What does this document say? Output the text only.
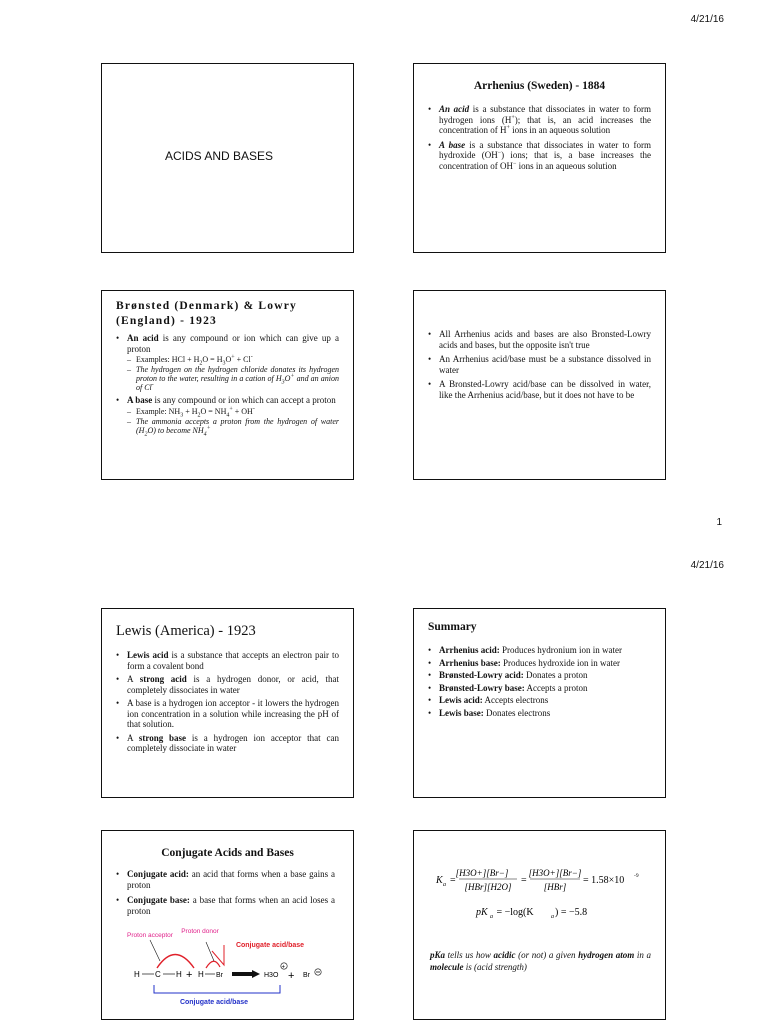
4/21/16
ACIDS AND BASES
Arrhenius (Sweden) - 1884
• An acid is a substance that dissociates in water to form hydrogen ions (H+); that is, an acid increases the concentration of H+ ions in an aqueous solution
• A base is a substance that dissociates in water to form hydroxide (OH−) ions; that is, a base increases the concentration of OH− ions in an aqueous solution
Brønsted (Denmark) & Lowry (England) - 1923
• An acid is any compound or ion which can give up a proton
– Examples: HCl + $H_2O = H_3O^+ + Cl^-$
– The hydrogen on the hydrogen chloride donates its hydrogen proton to the water, resulting in a cation of $H_3O^+$ and an anion of Cl-
• A base is any compound or ion which can accept a proton
– Example: $NH_3 + H_2O = NH_4^+ + OH^-$
– The ammonia accepts a proton from the hydrogen of water $(H_2O)$ to become $NH_4^+$
• All Arrhenius acids and bases are also Bronsted-Lowry acids and bases, but the opposite isn't true
• An Arrhenius acid/base must be a substance dissolved in water
• A Bronsted-Lowry acid/base can be dissolved in water, like the Arrhenius acid/base, but it does not have to be
1
4/21/16
Lewis (America) - 1923
• Lewis acid is a substance that accepts an electron pair to form a covalent bond
• A strong acid is a hydrogen donor, or acid, that completely dissociates in water
• A base is a hydrogen ion acceptor - it lowers the hydrogen ion concentration in a solution while increasing the pH of that solution.
• A strong base is a hydrogen ion acceptor that can completely dissociate in water
Summary
• Arrhenius acid: Produces hydronium ion in water
• Arrhenius base: Produces hydroxide ion in water
• Brønsted-Lowry acid: Donates a proton
• Brønsted-Lowry base: Accepts a proton
• Lewis acid: Accepts electrons
• Lewis base: Donates electrons
Conjugate Acids and Bases
• Conjugate acid: an acid that forms when a base gains a proton
• Conjugate base: a base that forms when an acid loses a proton
Proton acceptor
Proton donor
Conjugate acid/base
H C H + H Br	H3O
+
+ Br
Conjugate acid/base
K a =
[H3O+][Br−]
[HBr][H2O]
=
[H3O+][Br−]
[HBr]
= 1.58×10 -9
pK a = −log(K	a ) = −5.8
pKa tells us how acidic (or not) a given hydrogen atom in a molecule is (acid strength)
